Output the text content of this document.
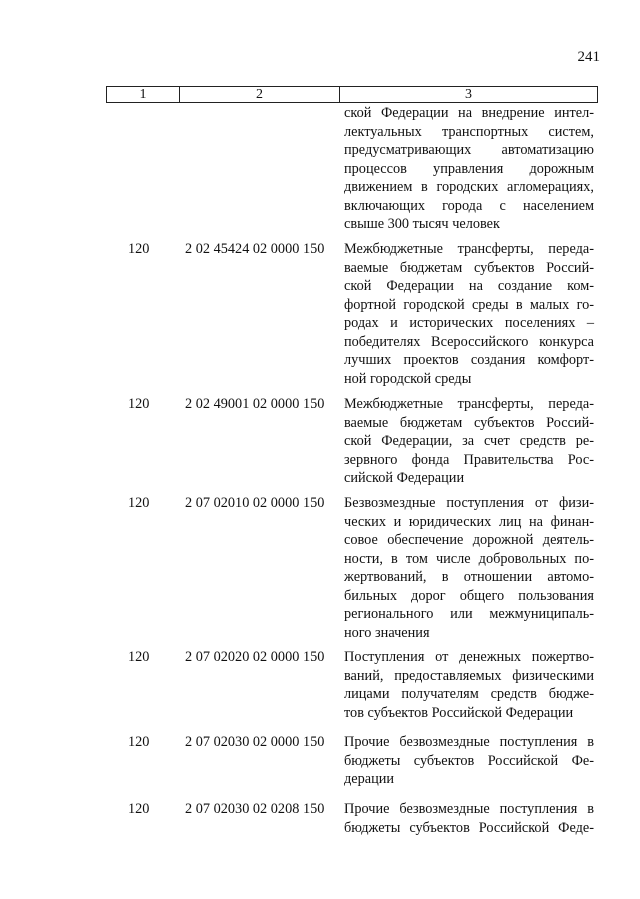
241
1	2	3
ской Федерации на внедрение интел-
лектуальных транспортных систем,
предусматривающих автоматизацию
процессов управления дорожным
движением в городских агломерациях,
включающих города с населением
свыше 300 тысяч человек
120	2 02 45424 02 0000 150	Межбюджетные трансферты, переда-
ваемые бюджетам субъектов Россий-
ской Федерации на создание ком-
фортной городской среды в малых го-
родах и исторических поселениях –
победителях Всероссийского конкурса
лучших проектов создания комфорт-
ной городской среды
120	2 02 49001 02 0000 150	Межбюджетные трансферты, переда-
ваемые бюджетам субъектов Россий-
ской Федерации, за счет средств ре-
зервного фонда Правительства Рос-
сийской Федерации
120	2 07 02010 02 0000 150	Безвозмездные поступления от физи-
ческих и юридических лиц на финан-
совое обеспечение дорожной деятель-
ности, в том числе добровольных по-
жертвований, в отношении автомо-
бильных дорог общего пользования
регионального или межмуниципаль-
ного значения
120	2 07 02020 02 0000 150	Поступления от денежных пожертво-
ваний, предоставляемых физическими
лицами получателям средств бюдже-
тов субъектов Российской Федерации
120	2 07 02030 02 0000 150	Прочие безвозмездные поступления в
бюджеты субъектов Российской Фе-
дерации
120	2 07 02030 02 0208 150	Прочие безвозмездные поступления в
бюджеты субъектов Российской Феде-
